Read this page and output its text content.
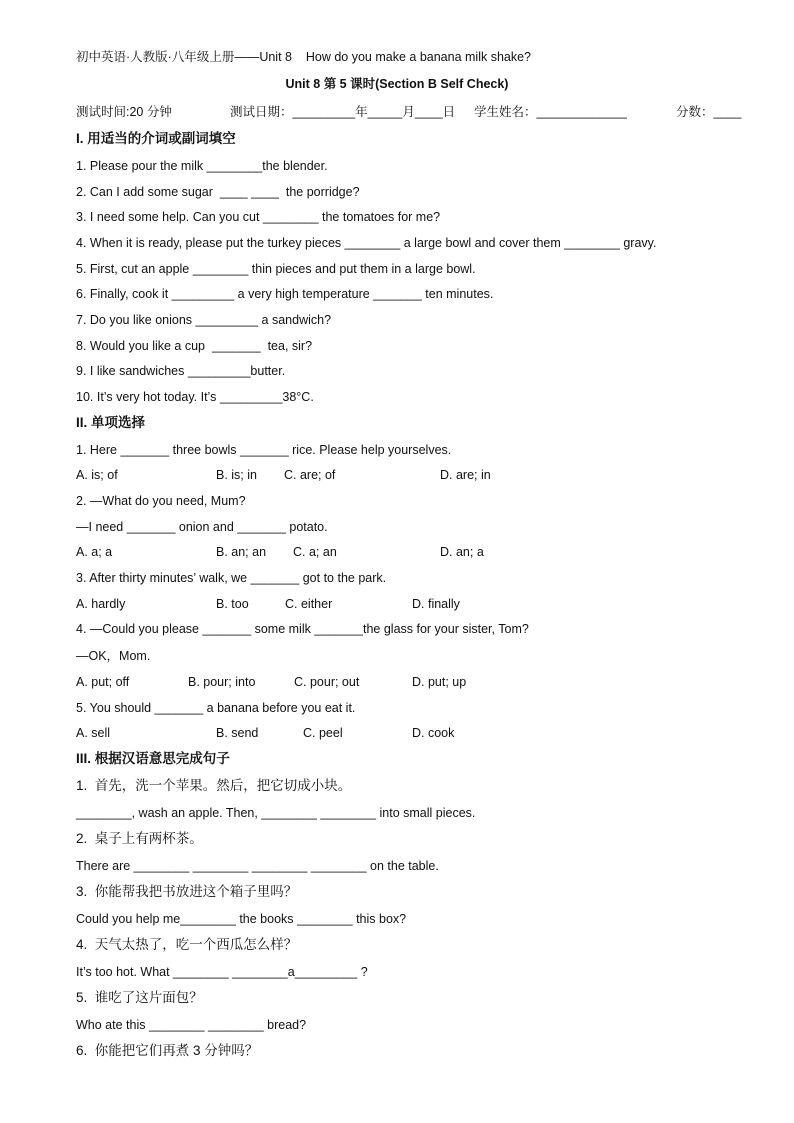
初中英语·人教版·八年级上册——Unit 8    How do you make a banana milk shake?
Unit 8 第 5 课时(Section B Self Check)
测试时间:20 分钟	测试日期：_________年_____月____日 学生姓名：_____________	分数：____
I. 用适当的介词或副词填空
1. Please pour the milk ________the blender.
2. Can I add some sugar  ____ ____  the porridge?
3. I need some help. Can you cut ________ the tomatoes for me?
4. When it is ready, please put the turkey pieces ________ a large bowl and cover them ________ gravy.
5. First, cut an apple ________ thin pieces and put them in a large bowl.
6. Finally, cook it _________ a very high temperature _______ ten minutes.
7. Do you like onions _________ a sandwich?
8. Would you like a cup  _______  tea, sir?
9. I like sandwiches _________butter.
10. It’s very hot today. It’s _________38°C.
II. 单项选择
1. Here _______ three bowls _______ rice. Please help yourselves.
A. is; of	B. is; in C. are; of	D. are; in
2. —What do you need, Mum?
—I need _______ onion and _______ potato.
A. a; a	B. an; an C. a; an	D. an; a
3. After thirty minutes’ walk, we _______ got to the park.
A. hardly	B. too	C. either	D. finally
4. —Could you please _______ some milk _______the glass for your sister, Tom?
—OK，Mom.
A. put; off	B. pour; into	C. pour; out	D. put; up
5. You should _______ a banana before you eat it.
A. sell	B. send	C. peel	D. cook
III. 根据汉语意思完成句子
1.  首先，洗一个苹果。然后，把它切成小块。
________, wash an apple. Then, ________ ________ into small pieces.
2.  桌子上有两杯茶。
There are ________ ________ ________ ________ on the table.
3.  你能帮我把书放进这个箱子里吗？
Could you help me________ the books ________ this box?
4.  天气太热了，吃一个西瓜怎么样？
It’s too hot. What ________ ________a_________ ?
5.  谁吃了这片面包？
Who ate this ________ ________ bread?
6.  你能把它们再煮 3 分钟吗？
